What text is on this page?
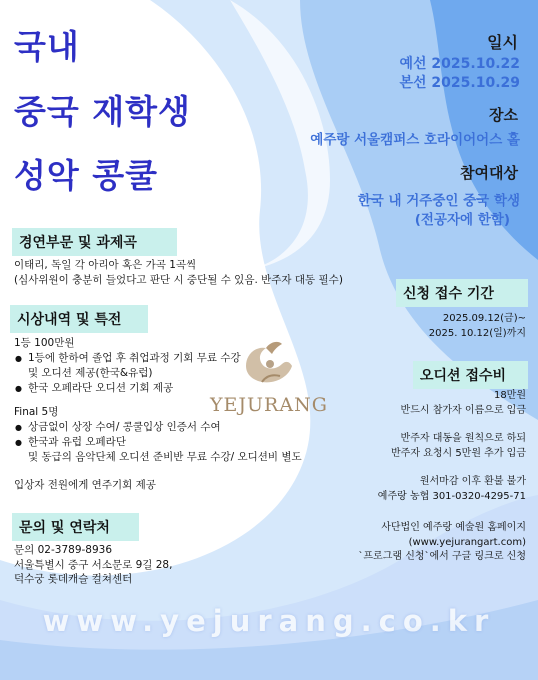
국내
중국 재학생
성악 콩쿨
일시
예선 2025.10.22
본선 2025.10.29
장소
예주랑 서울캠퍼스 호라이어어스 홀
참여대상
한국 내 거주중인 중국 학생
(전공자에 한함)
경연부문 및 과제곡
이태리, 독일 각 아리아 혹은 가곡 1곡씩
(심사위원이 충분히 들었다고 판단 시 중단될 수 있음. 반주자 대동 필수)
시상내역 및 특전
1등 100만원
● 1등에 한하여 졸업 후 취업과정 기회 무료 수강
및 오디션 제공(한국&유럽)
● 한국 오페라단 오디션 기회 제공
Final 5명
● 상금없이 상장 수여/ 콩쿨입상 인증서 수여
● 한국과 유럽 오페라단
및 동급의 음악단체 오디션 준비반 무료 수강/ 오디션비 별도
입상자 전원에게 연주기회 제공
문의 및 연락처
문의 02-3789-8936
서울특별시 중구 서소문로 9길 28,
덕수궁 롯데캐슬 컬쳐센터
YEJURANG
신청 접수 기간
2025.09.12(금)~
2025. 10.12(일)까지
오디션 접수비
18만원
반드시 참가자 이름으로 입금
반주자 대동을 원칙으로 하되
반주자 요청시 5만원 추가 입금
원서마감 이후 환불 불가
예주랑 농협 301-0320-4295-71
사단법인 예주랑 예술원 홈페이지
(www.yejurangart.com)
`프로그램 신청`에서 구글 링크로 신청
www.yejurang.co.kr
